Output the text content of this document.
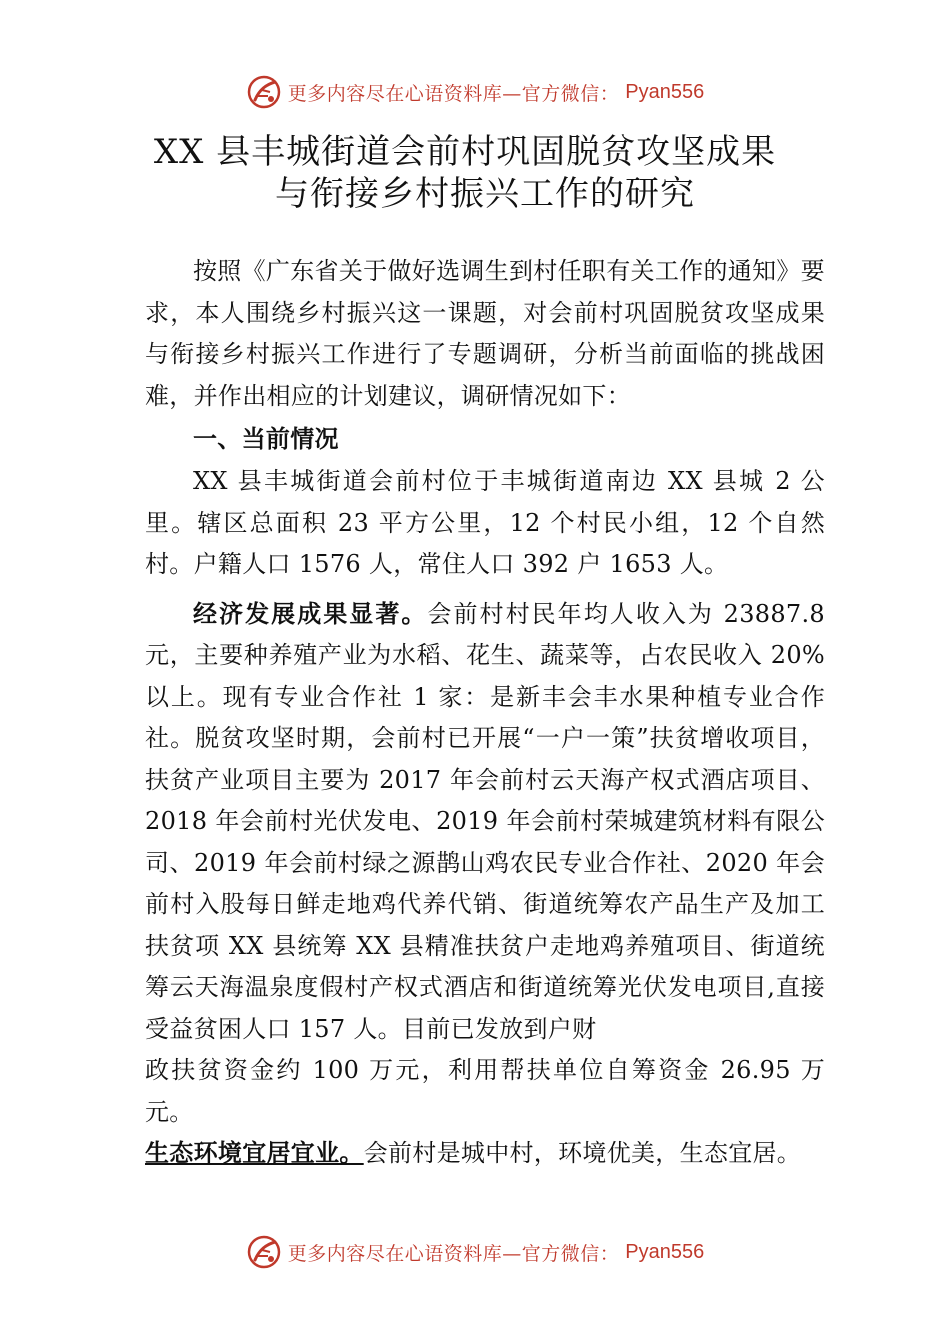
更多内容尽在心语资料库—官方微信： Pyan556
XX 县丰城街道会前村巩固脱贫攻坚成果
与衔接乡村振兴工作的研究

按照《广东省关于做好选调生到村任职有关工作的通知》要求，本人围绕乡村振兴这一课题，对会前村巩固脱贫攻坚成果与衔接乡村振兴工作进行了专题调研，分析当前面临的挑战困难，并作出相应的计划建议，调研情况如下：

一、当前情况

XX 县丰城街道会前村位于丰城街道南边 XX 县城 2 公里。辖区总面积 23 平方公里，12 个村民小组，12 个自然村。户籍人口 1576 人，常住人口 392 户 1653 人。

经济发展成果显著。会前村村民年均人收入为 23887.8 元，主要种养殖产业为水稻、花生、蔬菜等，占农民收入 20% 以上。现有专业合作社 1 家：是新丰会丰水果种植专业合作社。脱贫攻坚时期，会前村已开展“一户一策”扶贫增收项目，扶贫产业项目主要为 2017 年会前村云天海产权式酒店项目、2018 年会前村光伏发电、2019 年会前村荣城建筑材料有限公司、2019 年会前村绿之源鹊山鸡农民专业合作社、2020 年会前村入股每日鲜走地鸡代养代销、街道统筹农产品生产及加工扶贫项 XX 县统筹 XX 县精准扶贫户走地鸡养殖项目、街道统筹云天海温泉度假村产权式酒店和街道统筹光伏发电项目,直接受益贫困人口 157 人。目前已发放到户财

政扶贫资金约 100 万元，利用帮扶单位自筹资金 26.95 万元。

生态环境宜居宜业。会前村是城中村，环境优美，生态宜居。

更多内容尽在心语资料库—官方微信： Pyan556
